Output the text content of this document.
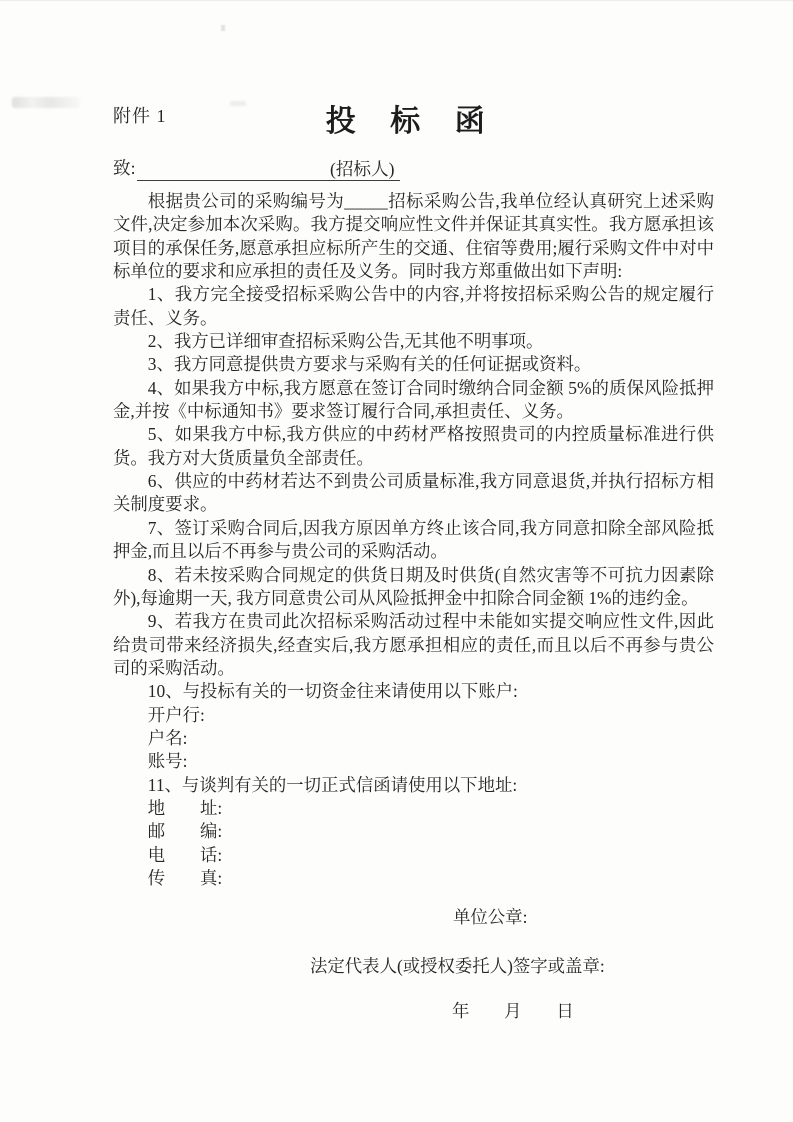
附件 1	投标函
致:	(招标人)

根据贵公司的采购编号为_____招标采购公告,我单位经认真研究上述采购文件,决定参加本次采购。我方提交响应性文件并保证其真实性。我方愿承担该项目的承保任务,愿意承担应标所产生的交通、住宿等费用;履行采购文件中对中标单位的要求和应承担的责任及义务。同时我方郑重做出如下声明:

1、我方完全接受招标采购公告中的内容,并将按招标采购公告的规定履行责任、义务。

2、我方已详细审查招标采购公告,无其他不明事项。

3、我方同意提供贵方要求与采购有关的任何证据或资料。

4、如果我方中标,我方愿意在签订合同时缴纳合同金额 5%的质保风险抵押金,并按《中标通知书》要求签订履行合同,承担责任、义务。

5、如果我方中标,我方供应的中药材严格按照贵司的内控质量标准进行供货。我方对大货质量负全部责任。

6、供应的中药材若达不到贵公司质量标准,我方同意退货,并执行招标方相关制度要求。

7、签订采购合同后,因我方原因单方终止该合同,我方同意扣除全部风险抵押金,而且以后不再参与贵公司的采购活动。

8、若未按采购合同规定的供货日期及时供货(自然灾害等不可抗力因素除外),每逾期一天, 我方同意贵公司从风险抵押金中扣除合同金额 1%的违约金。

9、若我方在贵司此次招标采购活动过程中未能如实提交响应性文件,因此给贵司带来经济损失,经查实后,我方愿承担相应的责任,而且以后不再参与贵公司的采购活动。

10、与投标有关的一切资金往来请使用以下账户:

开户行:

户名:

账号:

11、与谈判有关的一切正式信函请使用以下地址:

地　　址:

邮　　编:

电　　话:

传　　真:

单位公章:
法定代表人(或授权委托人)签字或盖章:
年　　月　　日
